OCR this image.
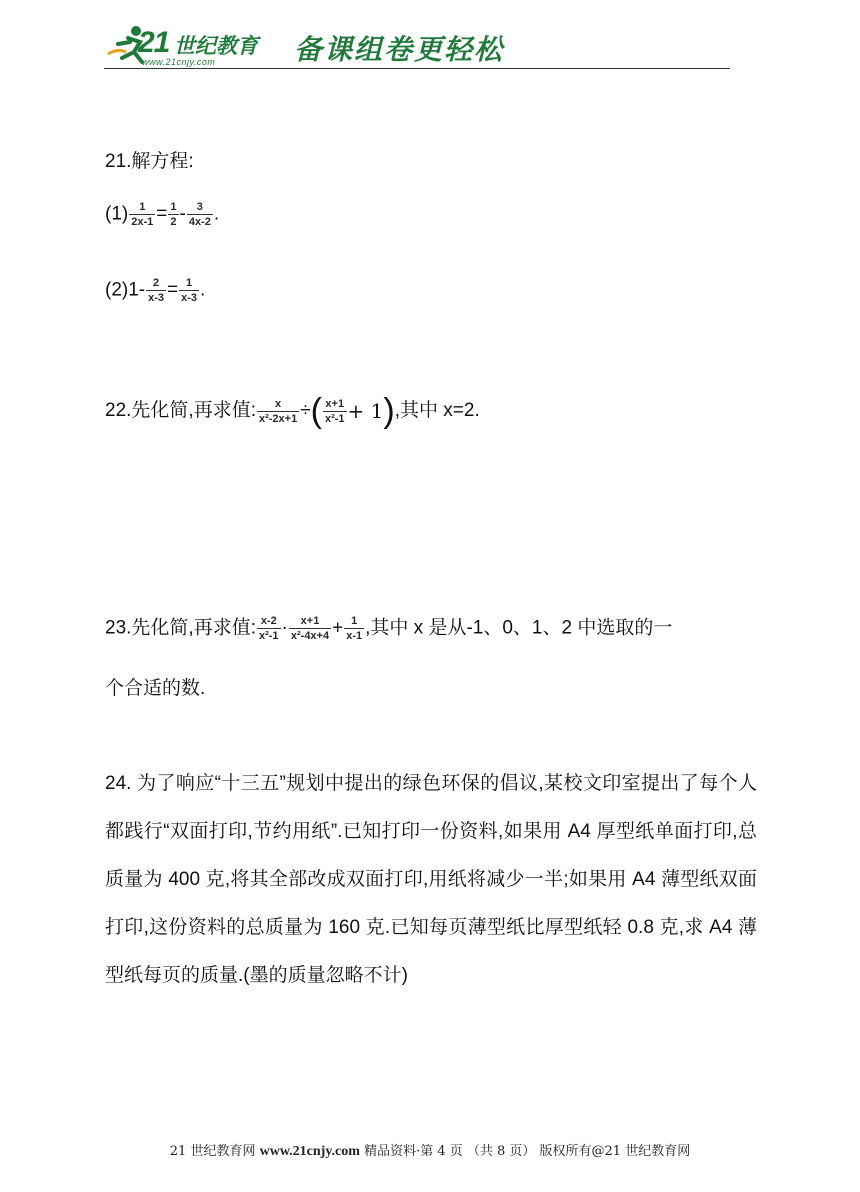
21 世纪教育
www.21cnjy.com	备课组卷更轻松
21.解方程:
$(1) \frac{1}{2x-1} = \frac{1}{2} - \frac{3}{4x-2}$ .
$(2)1- \frac{2}{x-3} = \frac{1}{x-3}$ .
22.先化简,再求值: $\frac{x}{\text{x²-2x+1}}$ ÷( $\frac{x+1}{\text{x²-1}} + 1$),其中 x=2.
23.先化简,再求值: $\frac{x-2}{\text{x²-1}} \cdot \frac{x+1}{\text{x²-4x+4}} + \frac{1}{x-1}$ ,其中 x 是从-1、0、1、2 中选取的一
个合适的数.
24. 为了响应“十三五”规划中提出的绿色环保的倡议,某校文印室提出了每个人都践行“双面打印,节约用纸”.已知打印一份资料,如果用 A4 厚型纸单面打印,总质量为 400 克,将其全部改成双面打印,用纸将减少一半;如果用 A4 薄型纸双面打印,这份资料的总质量为 160 克.已知每页薄型纸比厚型纸轻 0.8 克,求 A4 薄型纸每页的质量.(墨的质量忽略不计)
21 世纪教育网 www.21cnjy.com 精品资料·第 4 页 （共 8 页） 版权所有@21 世纪教育网
